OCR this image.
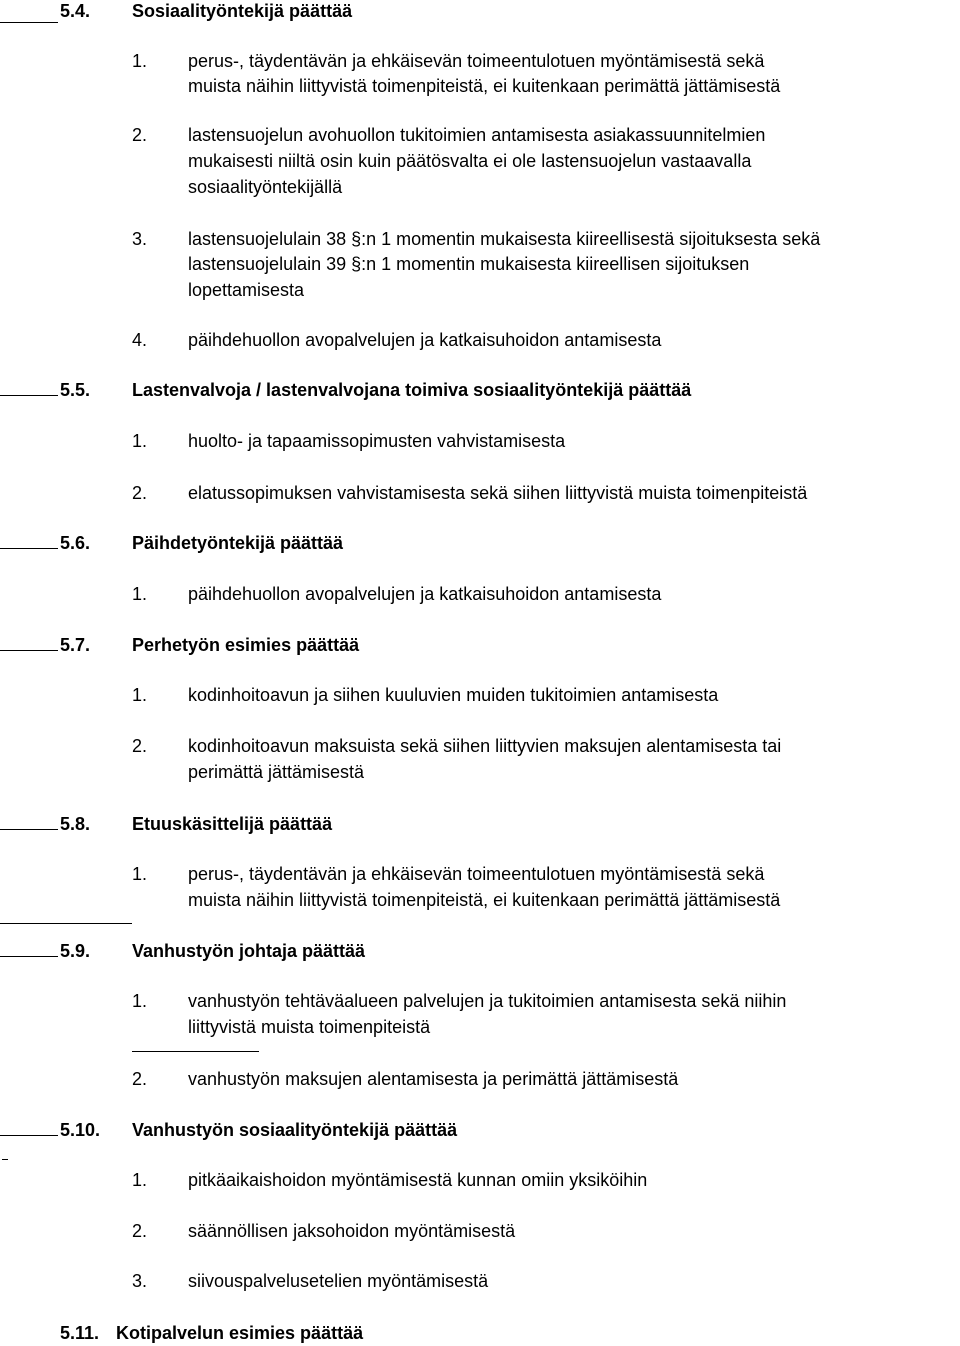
5.4. Sosiaalityöntekijä päättää
1. perus-, täydentävän ja ehkäisevän toimeentulotuen myöntämisestä sekä
muista näihin liittyvistä toimenpiteistä, ei kuitenkaan perimättä jättämisestä
2. lastensuojelun avohuollon tukitoimien antamisesta asiakassuunnitelmien
mukaisesti niiltä osin kuin päätösvalta ei ole lastensuojelun vastaavalla
sosiaalityöntekijällä
3. lastensuojelulain 38 §:n 1 momentin mukaisesta kiireellisestä sijoituksesta sekä
lastensuojelulain 39 §:n 1 momentin mukaisesta kiireellisen sijoituksen
lopettamisesta
4. päihdehuollon avopalvelujen ja katkaisuhoidon antamisesta
5.5. Lastenvalvoja / lastenvalvojana toimiva sosiaalityöntekijä päättää
1. huolto- ja tapaamissopimusten vahvistamisesta
2. elatussopimuksen vahvistamisesta sekä siihen liittyvistä muista toimenpiteistä
5.6. Päihdetyöntekijä päättää
1. päihdehuollon avopalvelujen ja katkaisuhoidon antamisesta
5.7. Perhetyön esimies päättää
1. kodinhoitoavun ja siihen kuuluvien muiden tukitoimien antamisesta
2. kodinhoitoavun maksuista sekä siihen liittyvien maksujen alentamisesta tai
perimättä jättämisestä
5.8. Etuuskäsittelijä päättää
1. perus-, täydentävän ja ehkäisevän toimeentulotuen myöntämisestä sekä
muista näihin liittyvistä toimenpiteistä, ei kuitenkaan perimättä jättämisestä
5.9. Vanhustyön johtaja päättää
1. vanhustyön tehtäväalueen palvelujen ja tukitoimien antamisesta sekä niihin
liittyvistä muista toimenpiteistä
2. vanhustyön maksujen alentamisesta ja perimättä jättämisestä
5.10. Vanhustyön sosiaalityöntekijä päättää
1. pitkäaikaishoidon myöntämisestä kunnan omiin yksiköihin
2. säännöllisen jaksohoidon myöntämisestä
3. siivouspalvelusetelien myöntämisestä
5.11. Kotipalvelun esimies päättää
